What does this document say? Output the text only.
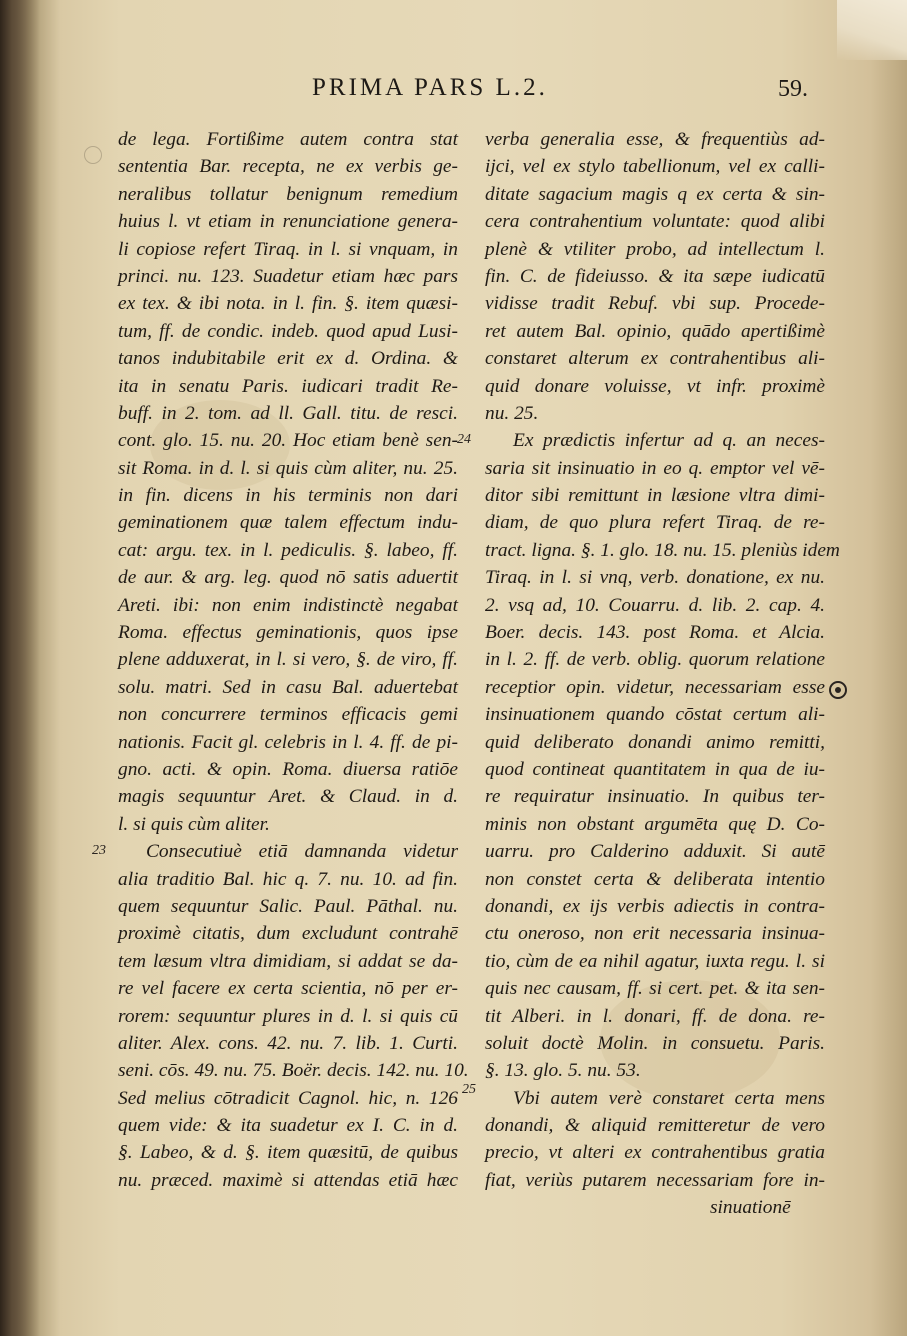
PRIMA PARS L.2.	59.
de lega. Fortißime autem contra stat
sententia Bar. recepta, ne ex verbis ge-
neralibus tollatur benignum remedium
huius l. vt etiam in renunciatione genera-
li copiose refert Tiraq. in l. si vnquam, in
princi. nu. 123. Suadetur etiam hæc pars
ex tex. & ibi nota. in l. fin. §. item quæsi-
tum, ff. de condic. indeb. quod apud Lusi-
tanos indubitabile erit ex d. Ordina. &
ita in senatu Paris. iudicari tradit Re-
buff. in 2. tom. ad ll. Gall. titu. de resci.
cont. glo. 15. nu. 20. Hoc etiam benè sen-
sit Roma. in d. l. si quis cùm aliter, nu. 25.
in fin. dicens in his terminis non dari
geminationem quæ talem effectum indu-
cat: argu. tex. in l. pediculis. §. labeo, ff.
de aur. & arg. leg. quod nō satis aduertit
Areti. ibi: non enim indistinctè negabat
Roma. effectus geminationis, quos ipse
plene adduxerat, in l. si vero, §. de viro, ff.
solu. matri. Sed in casu Bal. aduertebat
non concurrere terminos efficacis gemi
nationis. Facit gl. celebris in l. 4. ff. de pi-
gno. acti. & opin. Roma. diuersa ratiōe
magis sequuntur Aret. & Claud. in d.
l. si quis cùm aliter.
Consecutiuè etiā damnanda videtur
alia traditio Bal. hic q. 7. nu. 10. ad fin.
quem sequuntur Salic. Paul. Pāthal. nu.
proximè citatis, dum excludunt contrahē
tem læsum vltra dimidiam, si addat se da-
re vel facere ex certa scientia, nō per er-
rorem: sequuntur plures in d. l. si quis cū
aliter. Alex. cons. 42. nu. 7. lib. 1. Curti.
seni. cōs. 49. nu. 75. Boër. decis. 142. nu. 10.
Sed melius cōtradicit Cagnol. hic, n. 126
quem vide: & ita suadetur ex I. C. in d.
§. Labeo, & d. §. item quæsitū, de quibus
nu. præced. maximè si attendas etiā hæc
verba generalia esse, & frequentiùs ad-
ijci, vel ex stylo tabellionum, vel ex calli-
ditate sagacium magis q ex certa & sin-
cera contrahentium voluntate: quod alibi
plenè & vtiliter probo, ad intellectum l.
fin. C. de fideiusso. & ita sæpe iudicatū
vidisse tradit Rebuf. vbi sup. Procede-
ret autem Bal. opinio, quādo apertißimè
constaret alterum ex contrahentibus ali-
quid donare voluisse, vt infr. proximè
nu. 25.
Ex prædictis infertur ad q. an neces-
saria sit insinuatio in eo q. emptor vel vē-
ditor sibi remittunt in læsione vltra dimi-
diam, de quo plura refert Tiraq. de re-
tract. ligna. §. 1. glo. 18. nu. 15. pleniùs idem
Tiraq. in l. si vnq, verb. donatione, ex nu.
2. vsq ad, 10. Couarru. d. lib. 2. cap. 4.
Boer. decis. 143. post Roma. et Alcia.
in l. 2. ff. de verb. oblig. quorum relatione
receptior opin. videtur, necessariam esse
insinuationem quando cōstat certum ali-
quid deliberato donandi animo remitti,
quod contineat quantitatem in qua de iu-
re requiratur insinuatio. In quibus ter-
minis non obstant argumēta quę D. Co-
uarru. pro Calderino adduxit. Si autē
non constet certa & deliberata intentio
donandi, ex ijs verbis adiectis in contra-
ctu oneroso, non erit necessaria insinua-
tio, cùm de ea nihil agatur, iuxta regu. l. si
quis nec causam, ff. si cert. pet. & ita sen-
tit Alberi. in l. donari, ff. de dona. re-
soluit doctè Molin. in consuetu. Paris.
§. 13. glo. 5. nu. 53.
Vbi autem verè constaret certa mens
donandi, & aliquid remitteretur de vero
precio, vt alteri ex contrahentibus gratia
fiat, veriùs putarem necessariam fore in-
sinuationē
24
23
25
